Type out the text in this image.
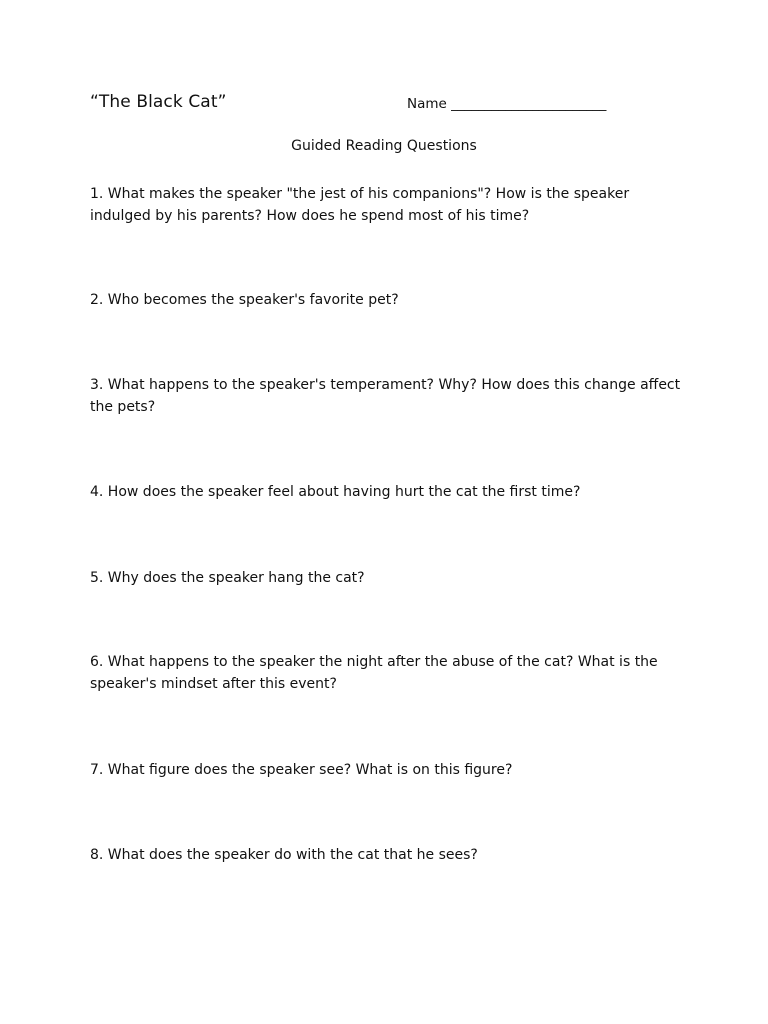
“The Black Cat”	Name _______________________
Guided Reading Questions
1. What makes the speaker "the jest of his companions"? How is the speaker indulged by his parents? How does he spend most of his time?
2. Who becomes the speaker's favorite pet?
3. What happens to the speaker's temperament? Why? How does this change affect the pets?
4. How does the speaker feel about having hurt the cat the first time?
5. Why does the speaker hang the cat?
6. What happens to the speaker the night after the abuse of the cat? What is the speaker's mindset after this event?
7. What figure does the speaker see? What is on this figure?
8. What does the speaker do with the cat that he sees?
